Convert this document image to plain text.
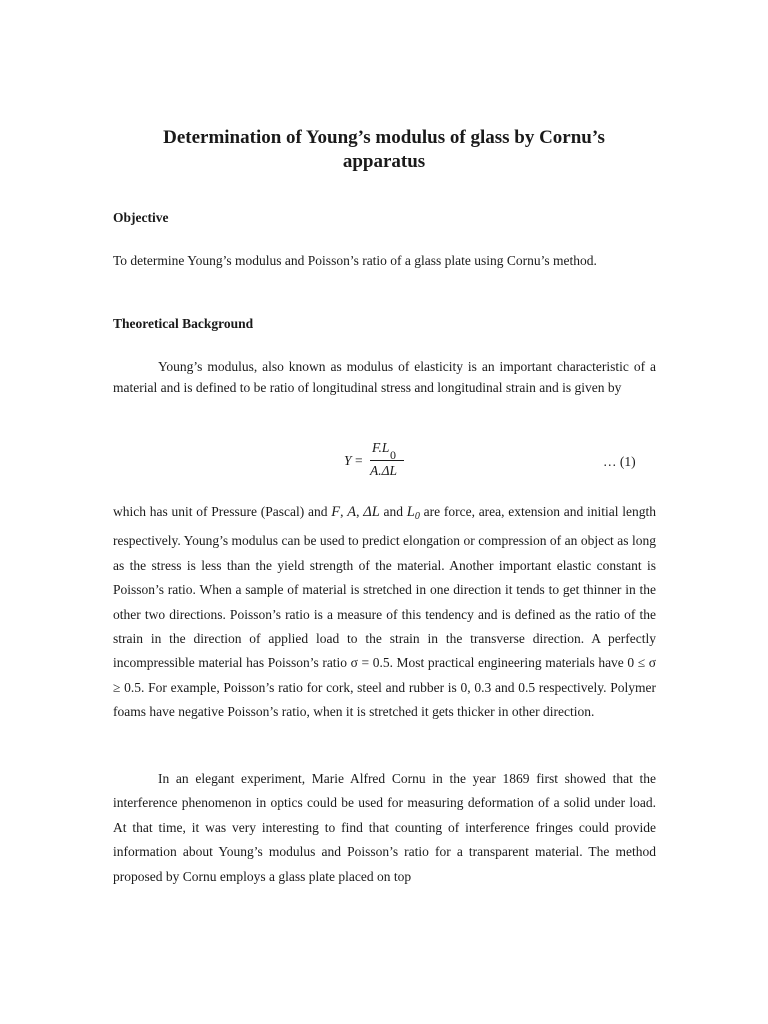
Determination of Young’s modulus of glass by Cornu’s
apparatus
Objective
To determine Young’s modulus and Poisson’s ratio of a glass plate using Cornu’s method.
Theoretical Background
Young’s modulus, also known as modulus of elasticity is an important characteristic of a material and is defined to be ratio of longitudinal stress and longitudinal strain and is given by
Y =
F.L 0
A.ΔL
… (1)
which has unit of Pressure (Pascal) and F, A, ΔL and $L_0$ are force, area, extension and initial length respectively. Young’s modulus can be used to predict elongation or compression of an object as long as the stress is less than the yield strength of the material. Another important elastic constant is Poisson’s ratio. When a sample of material is stretched in one direction it tends to get thinner in the other two directions. Poisson’s ratio is a measure of this tendency and is defined as the ratio of the strain in the direction of applied load to the strain in the transverse direction. A perfectly incompressible material has Poisson’s ratio σ = 0.5. Most practical engineering materials have 0 ≤ σ ≥ 0.5. For example, Poisson’s ratio for cork, steel and rubber is 0, 0.3 and 0.5 respectively. Polymer foams have negative Poisson’s ratio, when it is stretched it gets thicker in other direction.
In an elegant experiment, Marie Alfred Cornu in the year 1869 first showed that the interference phenomenon in optics could be used for measuring deformation of a solid under load. At that time, it was very interesting to find that counting of interference fringes could provide information about Young’s modulus and Poisson’s ratio for a transparent material. The method proposed by Cornu employs a glass plate placed on top
